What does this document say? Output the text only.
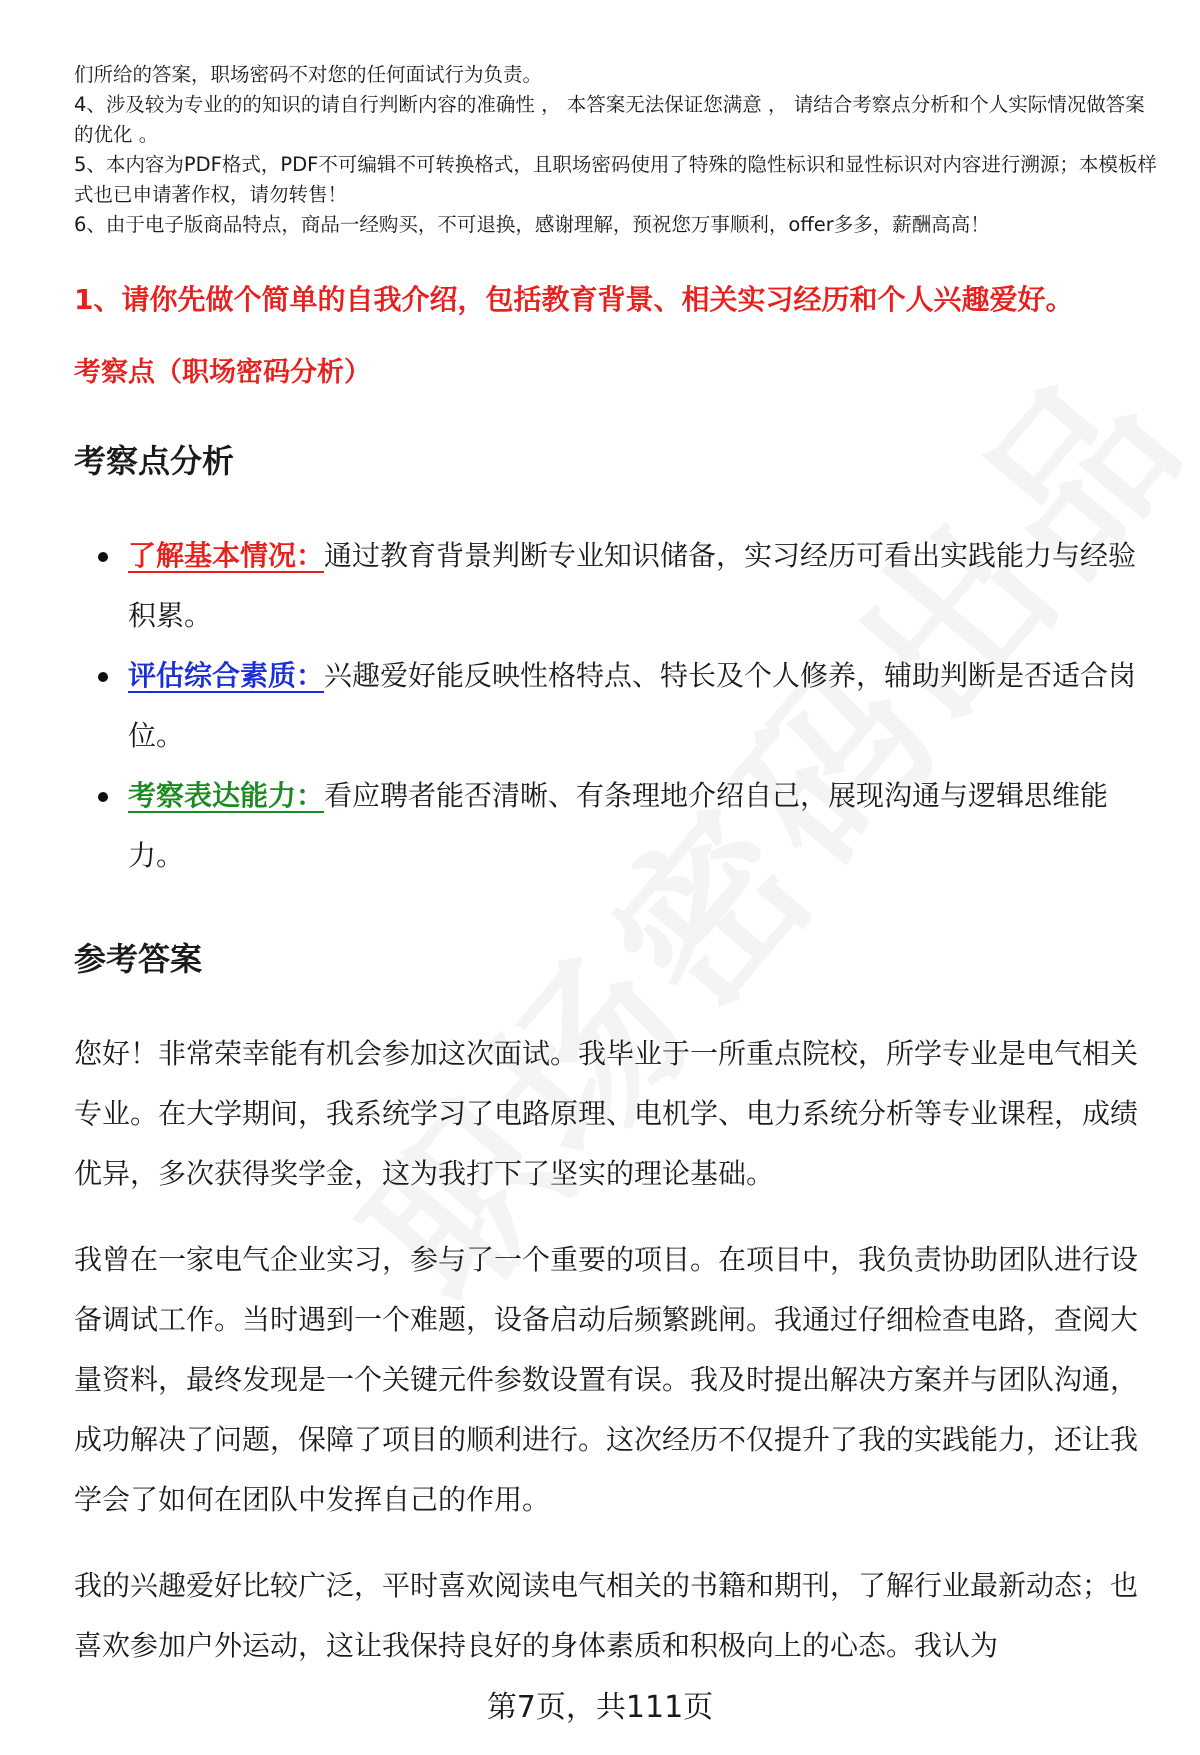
们所给的答案，职场密码不对您的任何面试行为负责。

4、涉及较为专业的的知识的请自行判断内容的准确性 ， 本答案无法保证您满意 ， 请结合考察点分析和个人实际情况做答案的优化 。

5、本内容为PDF格式，PDF不可编辑不可转换格式，且职场密码使用了特殊的隐性标识和显性标识对内容进行溯源；本模板样式也已申请著作权，请勿转售！

6、由于电子版商品特点，商品一经购买，不可退换，感谢理解，预祝您万事顺利，offer多多，薪酬高高！

1、请你先做个简单的自我介绍，包括教育背景、相关实习经历和个人兴趣爱好。
考察点（职场密码分析）
考察点分析
了解基本情况：通过教育背景判断专业知识储备，实习经历可看出实践能力与经验积累。
评估综合素质：兴趣爱好能反映性格特点、特长及个人修养，辅助判断是否适合岗位。
考察表达能力：看应聘者能否清晰、有条理地介绍自己，展现沟通与逻辑思维能力。
参考答案

您好！非常荣幸能有机会参加这次面试。我毕业于一所重点院校，所学专业是电气相关专业。在大学期间，我系统学习了电路原理、电机学、电力系统分析等专业课程，成绩优异，多次获得奖学金，这为我打下了坚实的理论基础。

我曾在一家电气企业实习，参与了一个重要的项目。在项目中，我负责协助团队进行设备调试工作。当时遇到一个难题，设备启动后频繁跳闸。我通过仔细检查电路，查阅大量资料，最终发现是一个关键元件参数设置有误。我及时提出解决方案并与团队沟通，成功解决了问题，保障了项目的顺利进行。这次经历不仅提升了我的实践能力，还让我学会了如何在团队中发挥自己的作用。

我的兴趣爱好比较广泛，平时喜欢阅读电气相关的书籍和期刊，了解行业最新动态；也喜欢参加户外运动，这让我保持良好的身体素质和积极向上的心态。我认为

第7页，共111页
